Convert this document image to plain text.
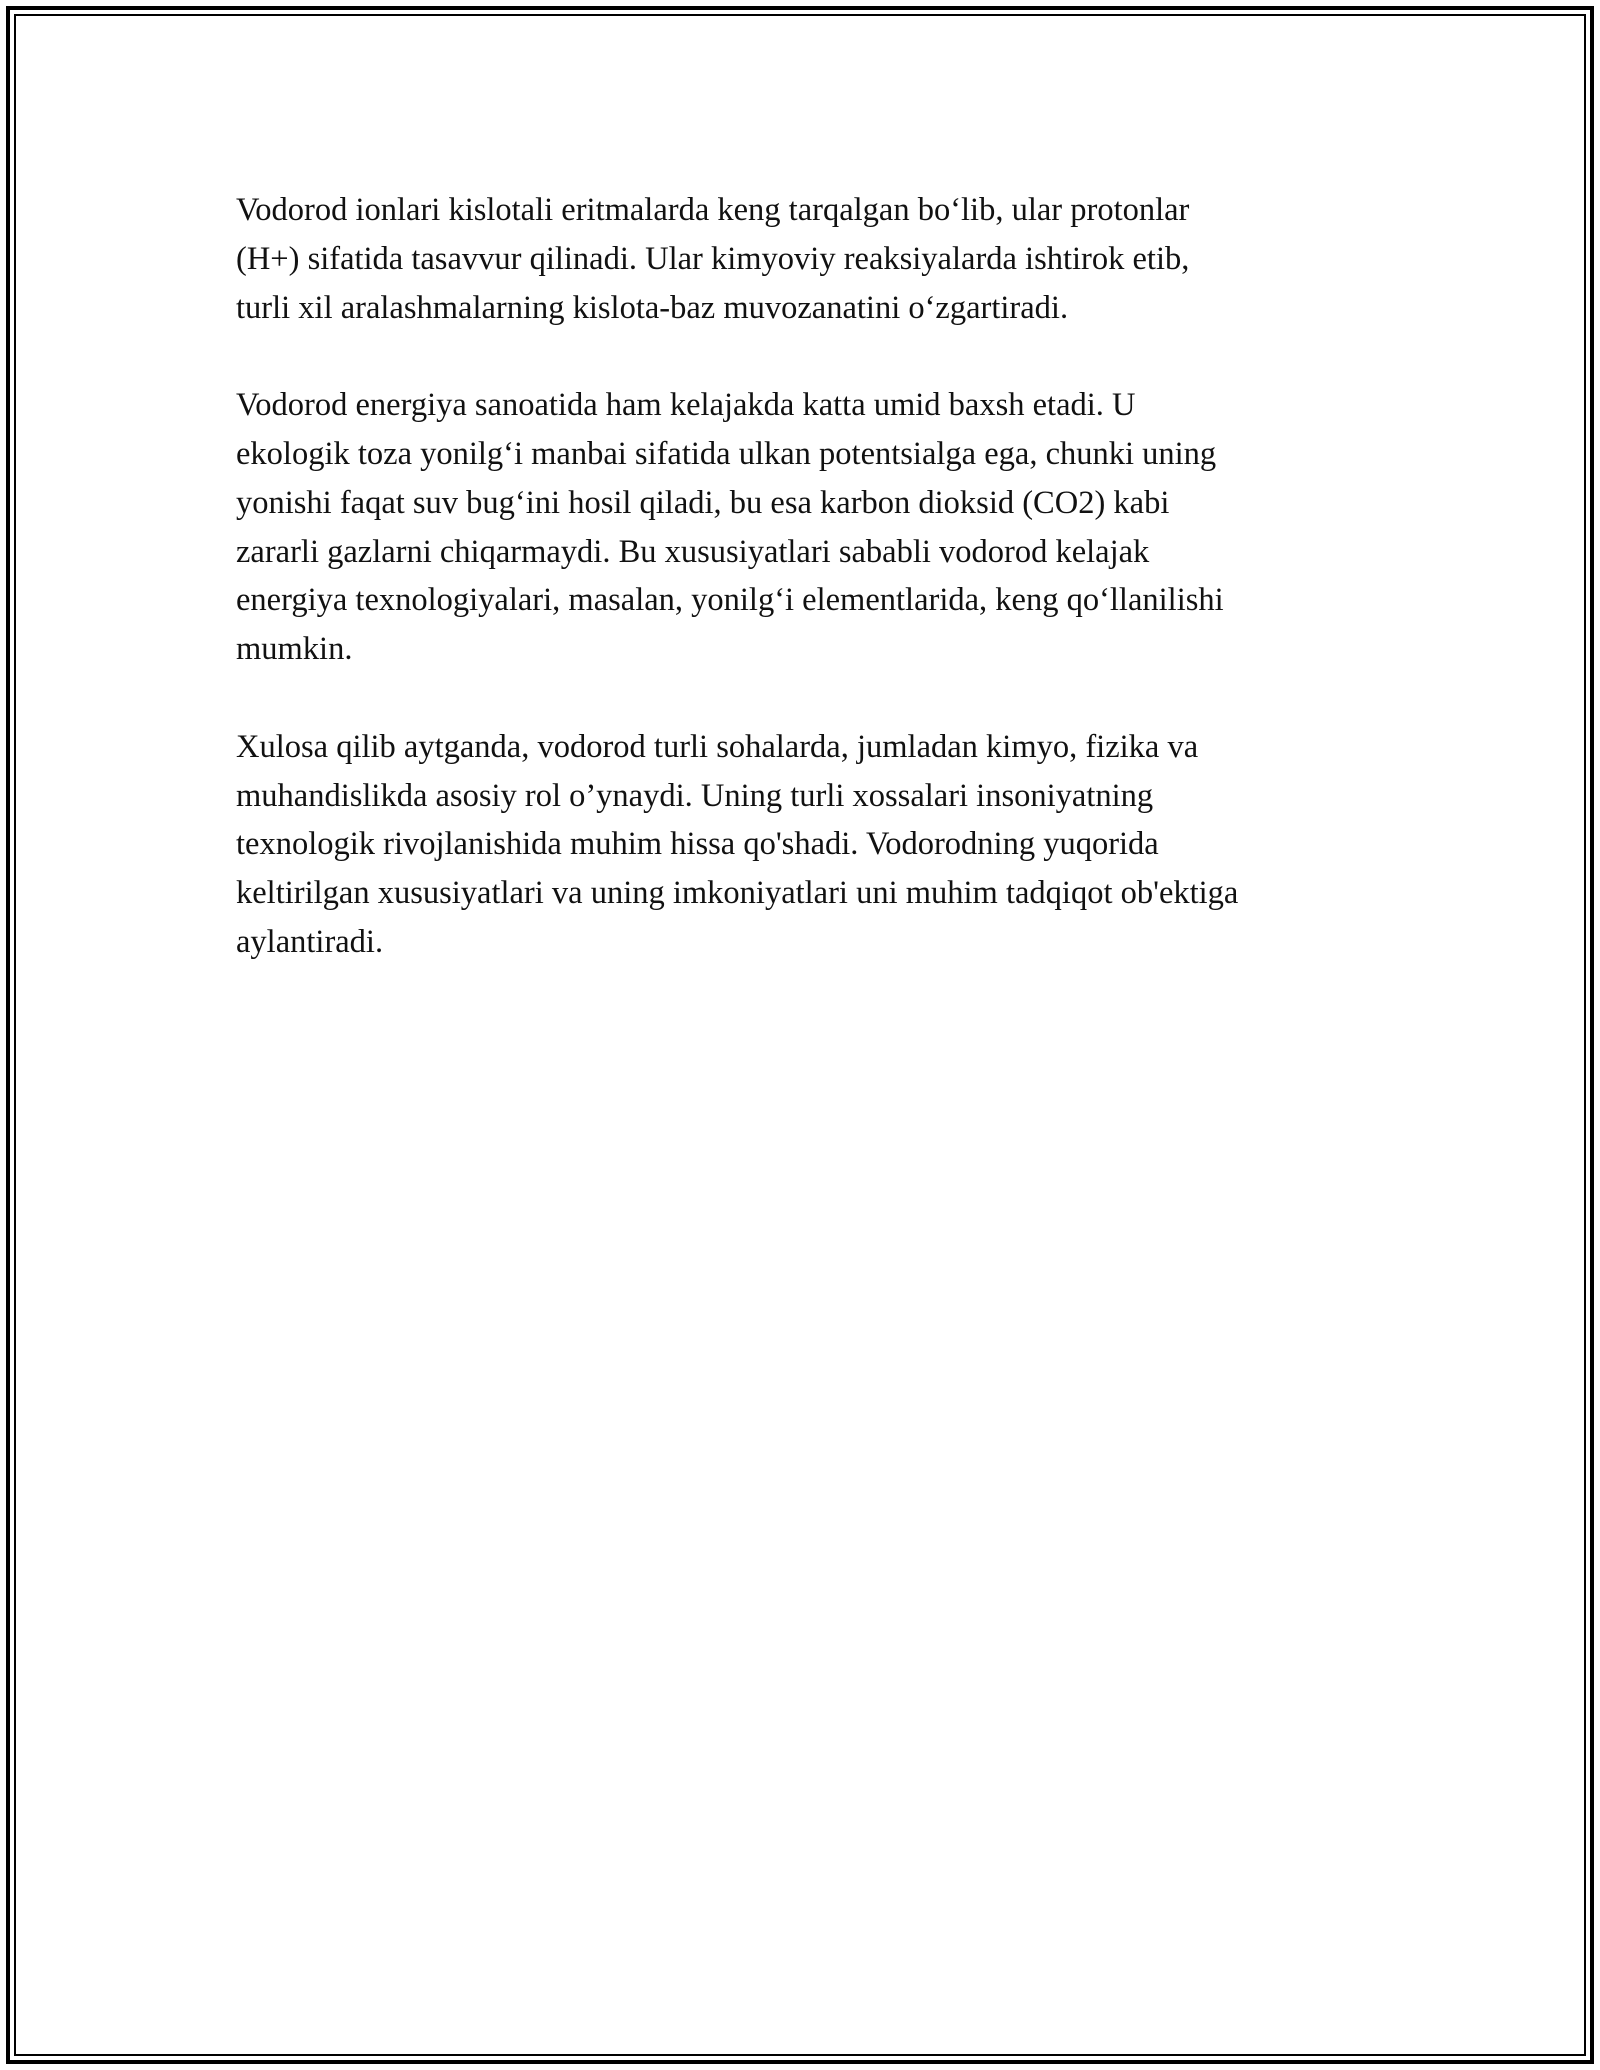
Vodorod ionlari kislotali eritmalarda keng tarqalgan bo‘lib, ular protonlar
(H+) sifatida tasavvur qilinadi. Ular kimyoviy reaksiyalarda ishtirok etib,
turli xil aralashmalarning kislota-baz muvozanatini o‘zgartiradi.

Vodorod energiya sanoatida ham kelajakda katta umid baxsh etadi. U
ekologik toza yonilg‘i manbai sifatida ulkan potentsialga ega, chunki uning
yonishi faqat suv bug‘ini hosil qiladi, bu esa karbon dioksid (CO2) kabi
zararli gazlarni chiqarmaydi. Bu xususiyatlari sababli vodorod kelajak
energiya texnologiyalari, masalan, yonilg‘i elementlarida, keng qo‘llanilishi
mumkin.

Xulosa qilib aytganda, vodorod turli sohalarda, jumladan kimyo, fizika va
muhandislikda asosiy rol o’ynaydi. Uning turli xossalari insoniyatning
texnologik rivojlanishida muhim hissa qo'shadi. Vodorodning yuqorida
keltirilgan xususiyatlari va uning imkoniyatlari uni muhim tadqiqot ob'ektiga
aylantiradi.
